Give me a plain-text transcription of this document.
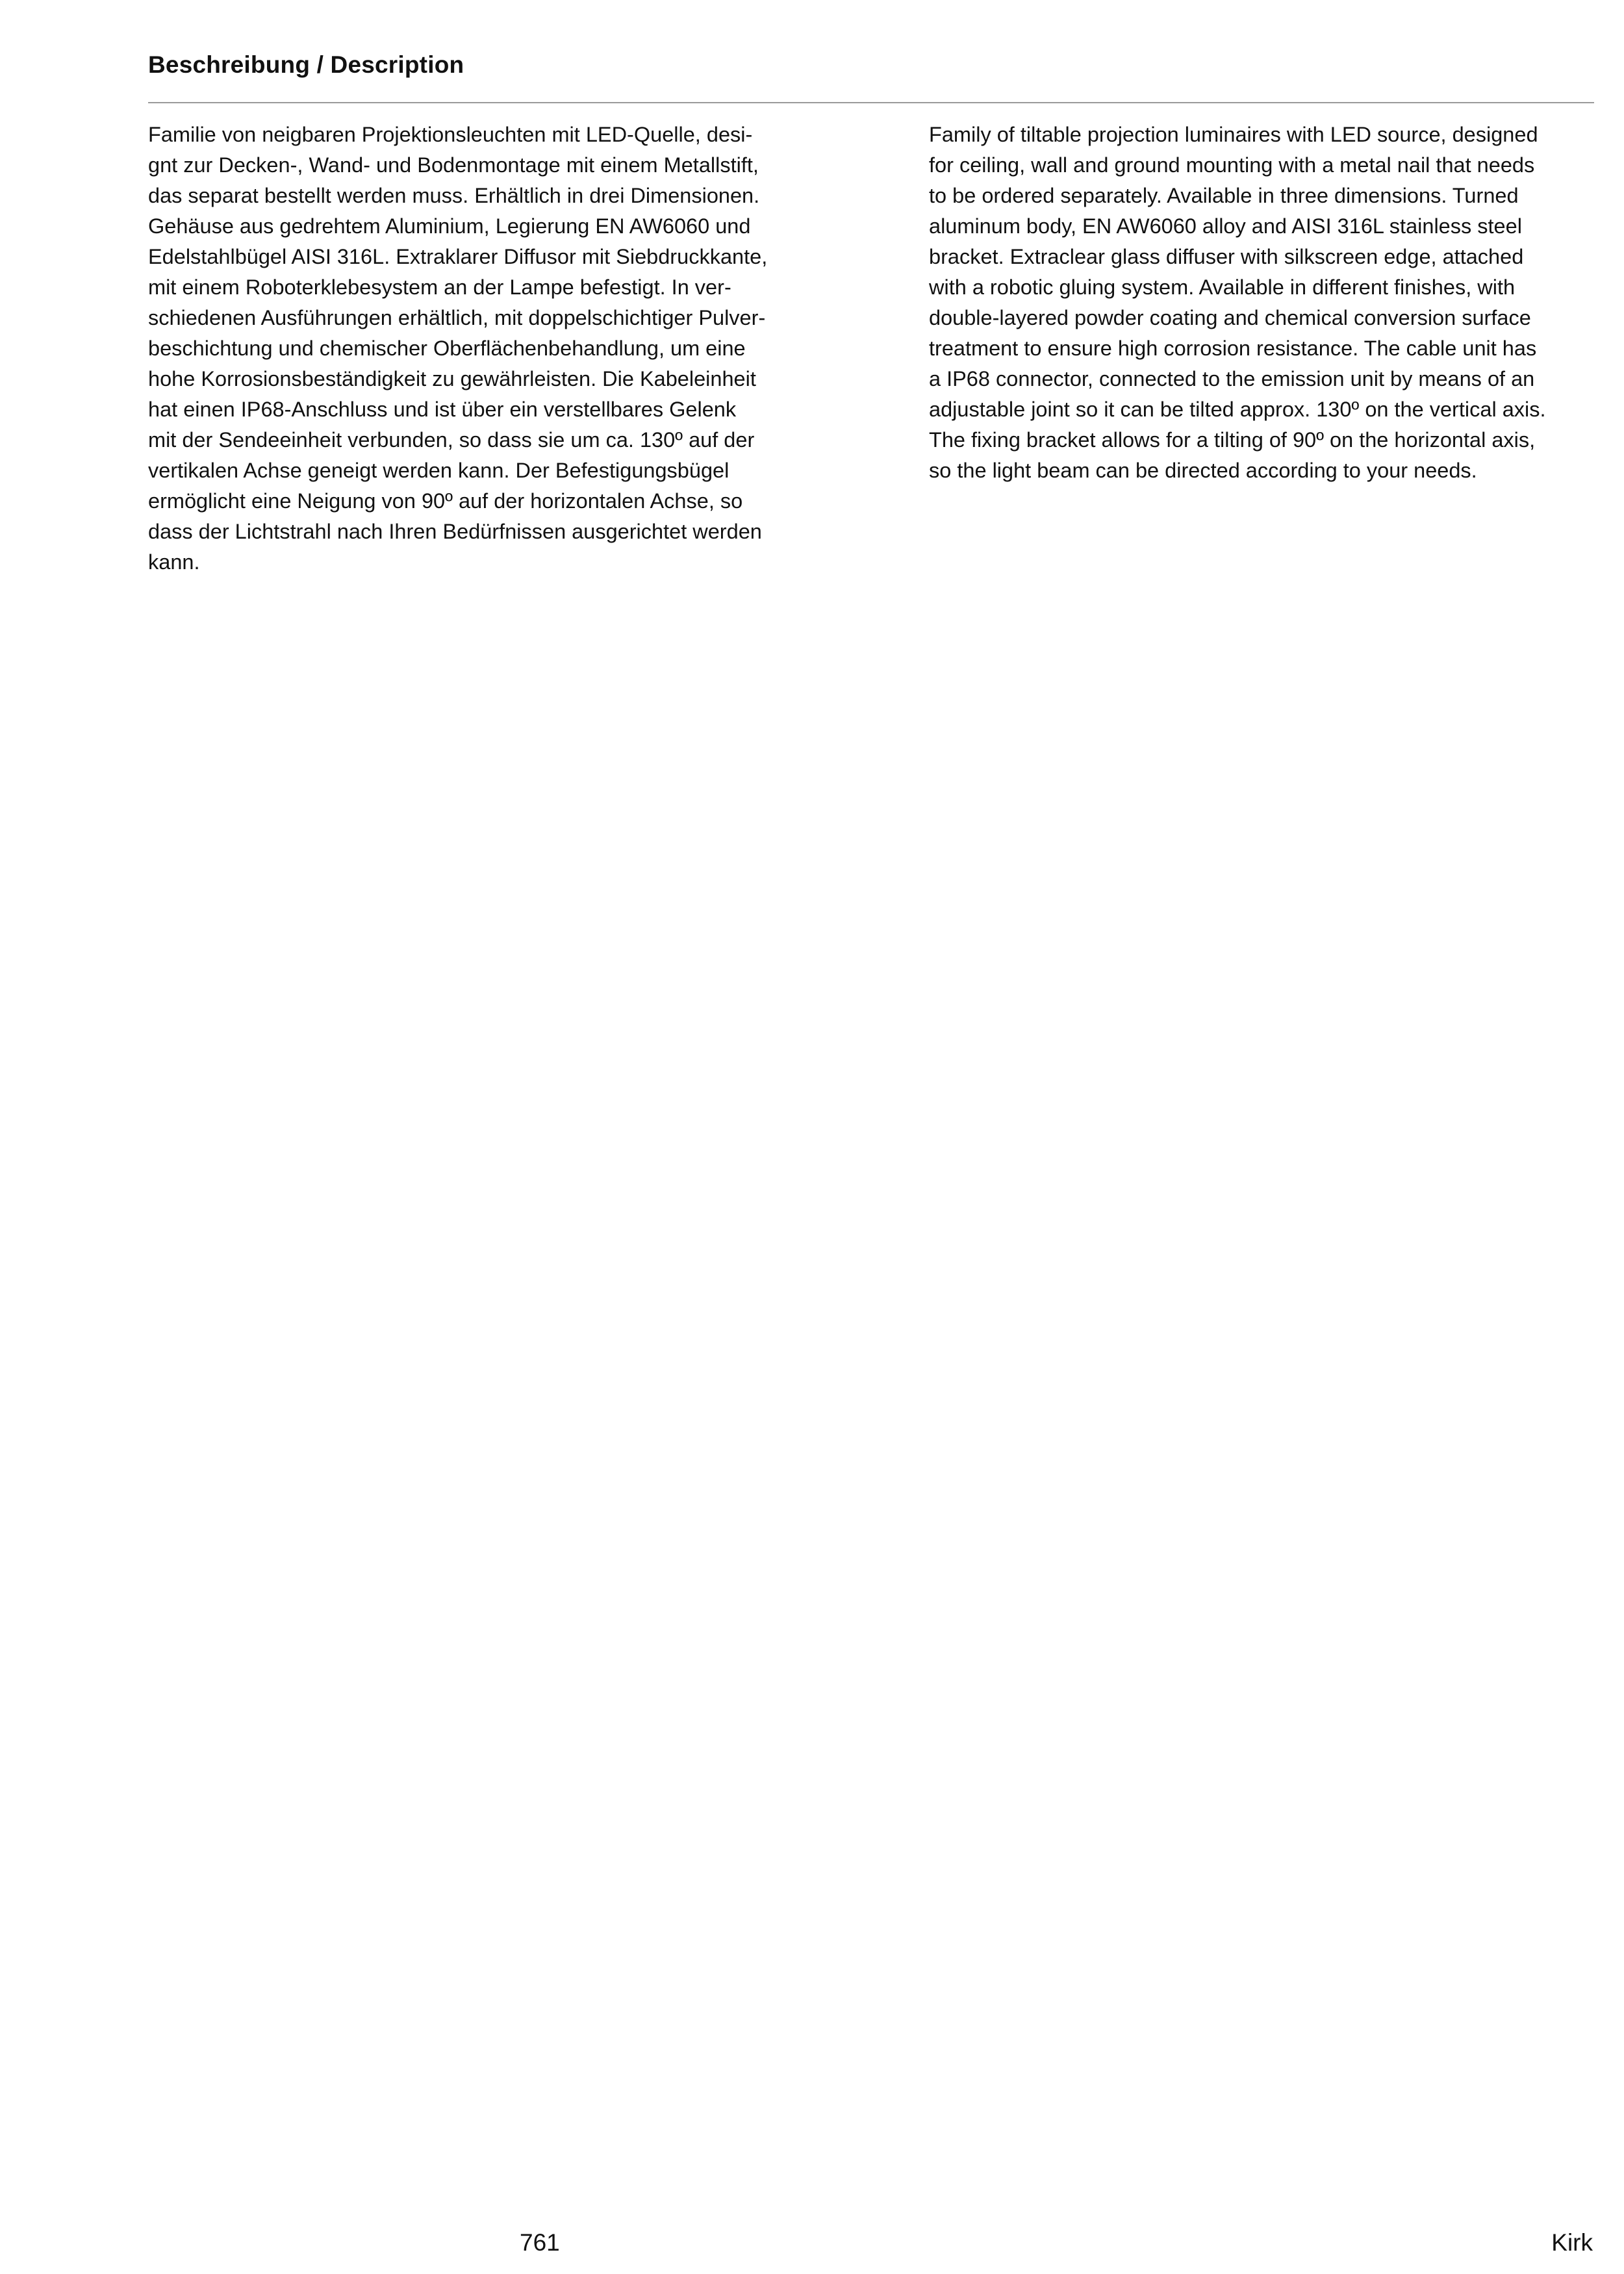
Beschreibung / Description

Familie von neigbaren Projektionsleuchten mit LED-Quelle, desi-
gnt zur Decken-, Wand- und Bodenmontage mit einem Metallstift,
das separat bestellt werden muss. Erhältlich in drei Dimensionen.
Gehäuse aus gedrehtem Aluminium, Legierung EN AW6060 und
Edelstahlbügel AISI 316L. Extraklarer Diffusor mit Siebdruckkante,
mit einem Roboterklebesystem an der Lampe befestigt. In ver-
schiedenen Ausführungen erhältlich, mit doppelschichtiger Pulver-
beschichtung und chemischer Oberflächenbehandlung, um eine
hohe Korrosionsbeständigkeit zu gewährleisten. Die Kabeleinheit
hat einen IP68-Anschluss und ist über ein verstellbares Gelenk
mit der Sendeeinheit verbunden, so dass sie um ca. 130º auf der
vertikalen Achse geneigt werden kann. Der Befestigungsbügel
ermöglicht eine Neigung von 90º auf der horizontalen Achse, so
dass der Lichtstrahl nach Ihren Bedürfnissen ausgerichtet werden
kann.

Family of tiltable projection luminaires with LED source, designed
for ceiling, wall and ground mounting with a metal nail that needs
to be ordered separately. Available in three dimensions. Turned
aluminum body, EN AW6060 alloy and AISI 316L stainless steel
bracket. Extraclear glass diffuser with silkscreen edge, attached
with a robotic gluing system. Available in different finishes, with
double-layered powder coating and chemical conversion surface
treatment to ensure high corrosion resistance. The cable unit has
a IP68 connector, connected to the emission unit by means of an
adjustable joint so it can be tilted approx. 130º on the vertical axis.
The fixing bracket allows for a tilting of 90º on the horizontal axis,
so the light beam can be directed according to your needs.

761	Kirk
